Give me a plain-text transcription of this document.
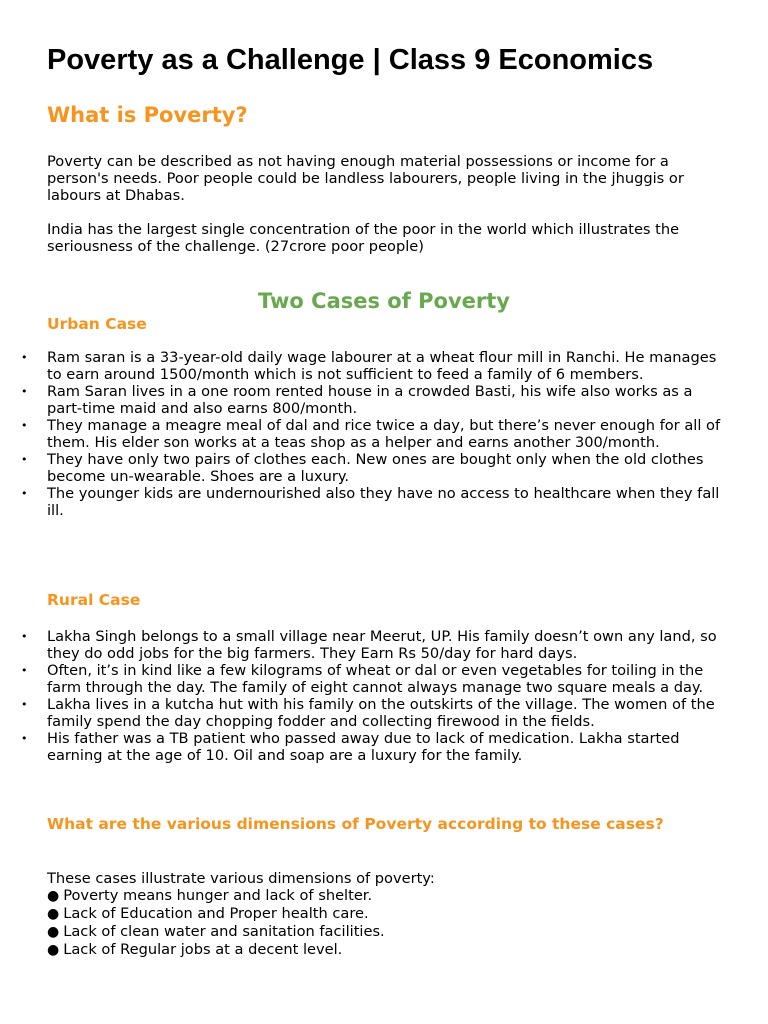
Poverty as a Challenge | Class 9 Economics
What is Poverty?

Poverty can be described as not having enough material possessions or income for a person's needs. Poor people could be landless labourers, people living in the jhuggis or labours at Dhabas.

India has the largest single concentration of the poor in the world which illustrates the seriousness of the challenge. (27crore poor people)

Two Cases of Poverty
Urban Case
• Ram saran is a 33-year-old daily wage labourer at a wheat flour mill in Ranchi. He manages to earn around 1500/month which is not sufficient to feed a family of 6 members.
• Ram Saran lives in a one room rented house in a crowded Basti, his wife also works as a part-time maid and also earns 800/month.
• They manage a meagre meal of dal and rice twice a day, but there’s never enough for all of them. His elder son works at a teas shop as a helper and earns another 300/month.
• They have only two pairs of clothes each. New ones are bought only when the old clothes become un-wearable. Shoes are a luxury.
• The younger kids are undernourished also they have no access to healthcare when they fall ill.
Rural Case
• Lakha Singh belongs to a small village near Meerut, UP. His family doesn’t own any land, so they do odd jobs for the big farmers. They Earn Rs 50/day for hard days.
• Often, it’s in kind like a few kilograms of wheat or dal or even vegetables for toiling in the farm through the day. The family of eight cannot always manage two square meals a day.
• Lakha lives in a kutcha hut with his family on the outskirts of the village. The women of the family spend the day chopping fodder and collecting firewood in the fields.
• His father was a TB patient who passed away due to lack of medication. Lakha started earning at the age of 10. Oil and soap are a luxury for the family.
What are the various dimensions of Poverty according to these cases?

These cases illustrate various dimensions of poverty:

● Poverty means hunger and lack of shelter.
● Lack of Education and Proper health care.
● Lack of clean water and sanitation facilities.
● Lack of Regular jobs at a decent level.
